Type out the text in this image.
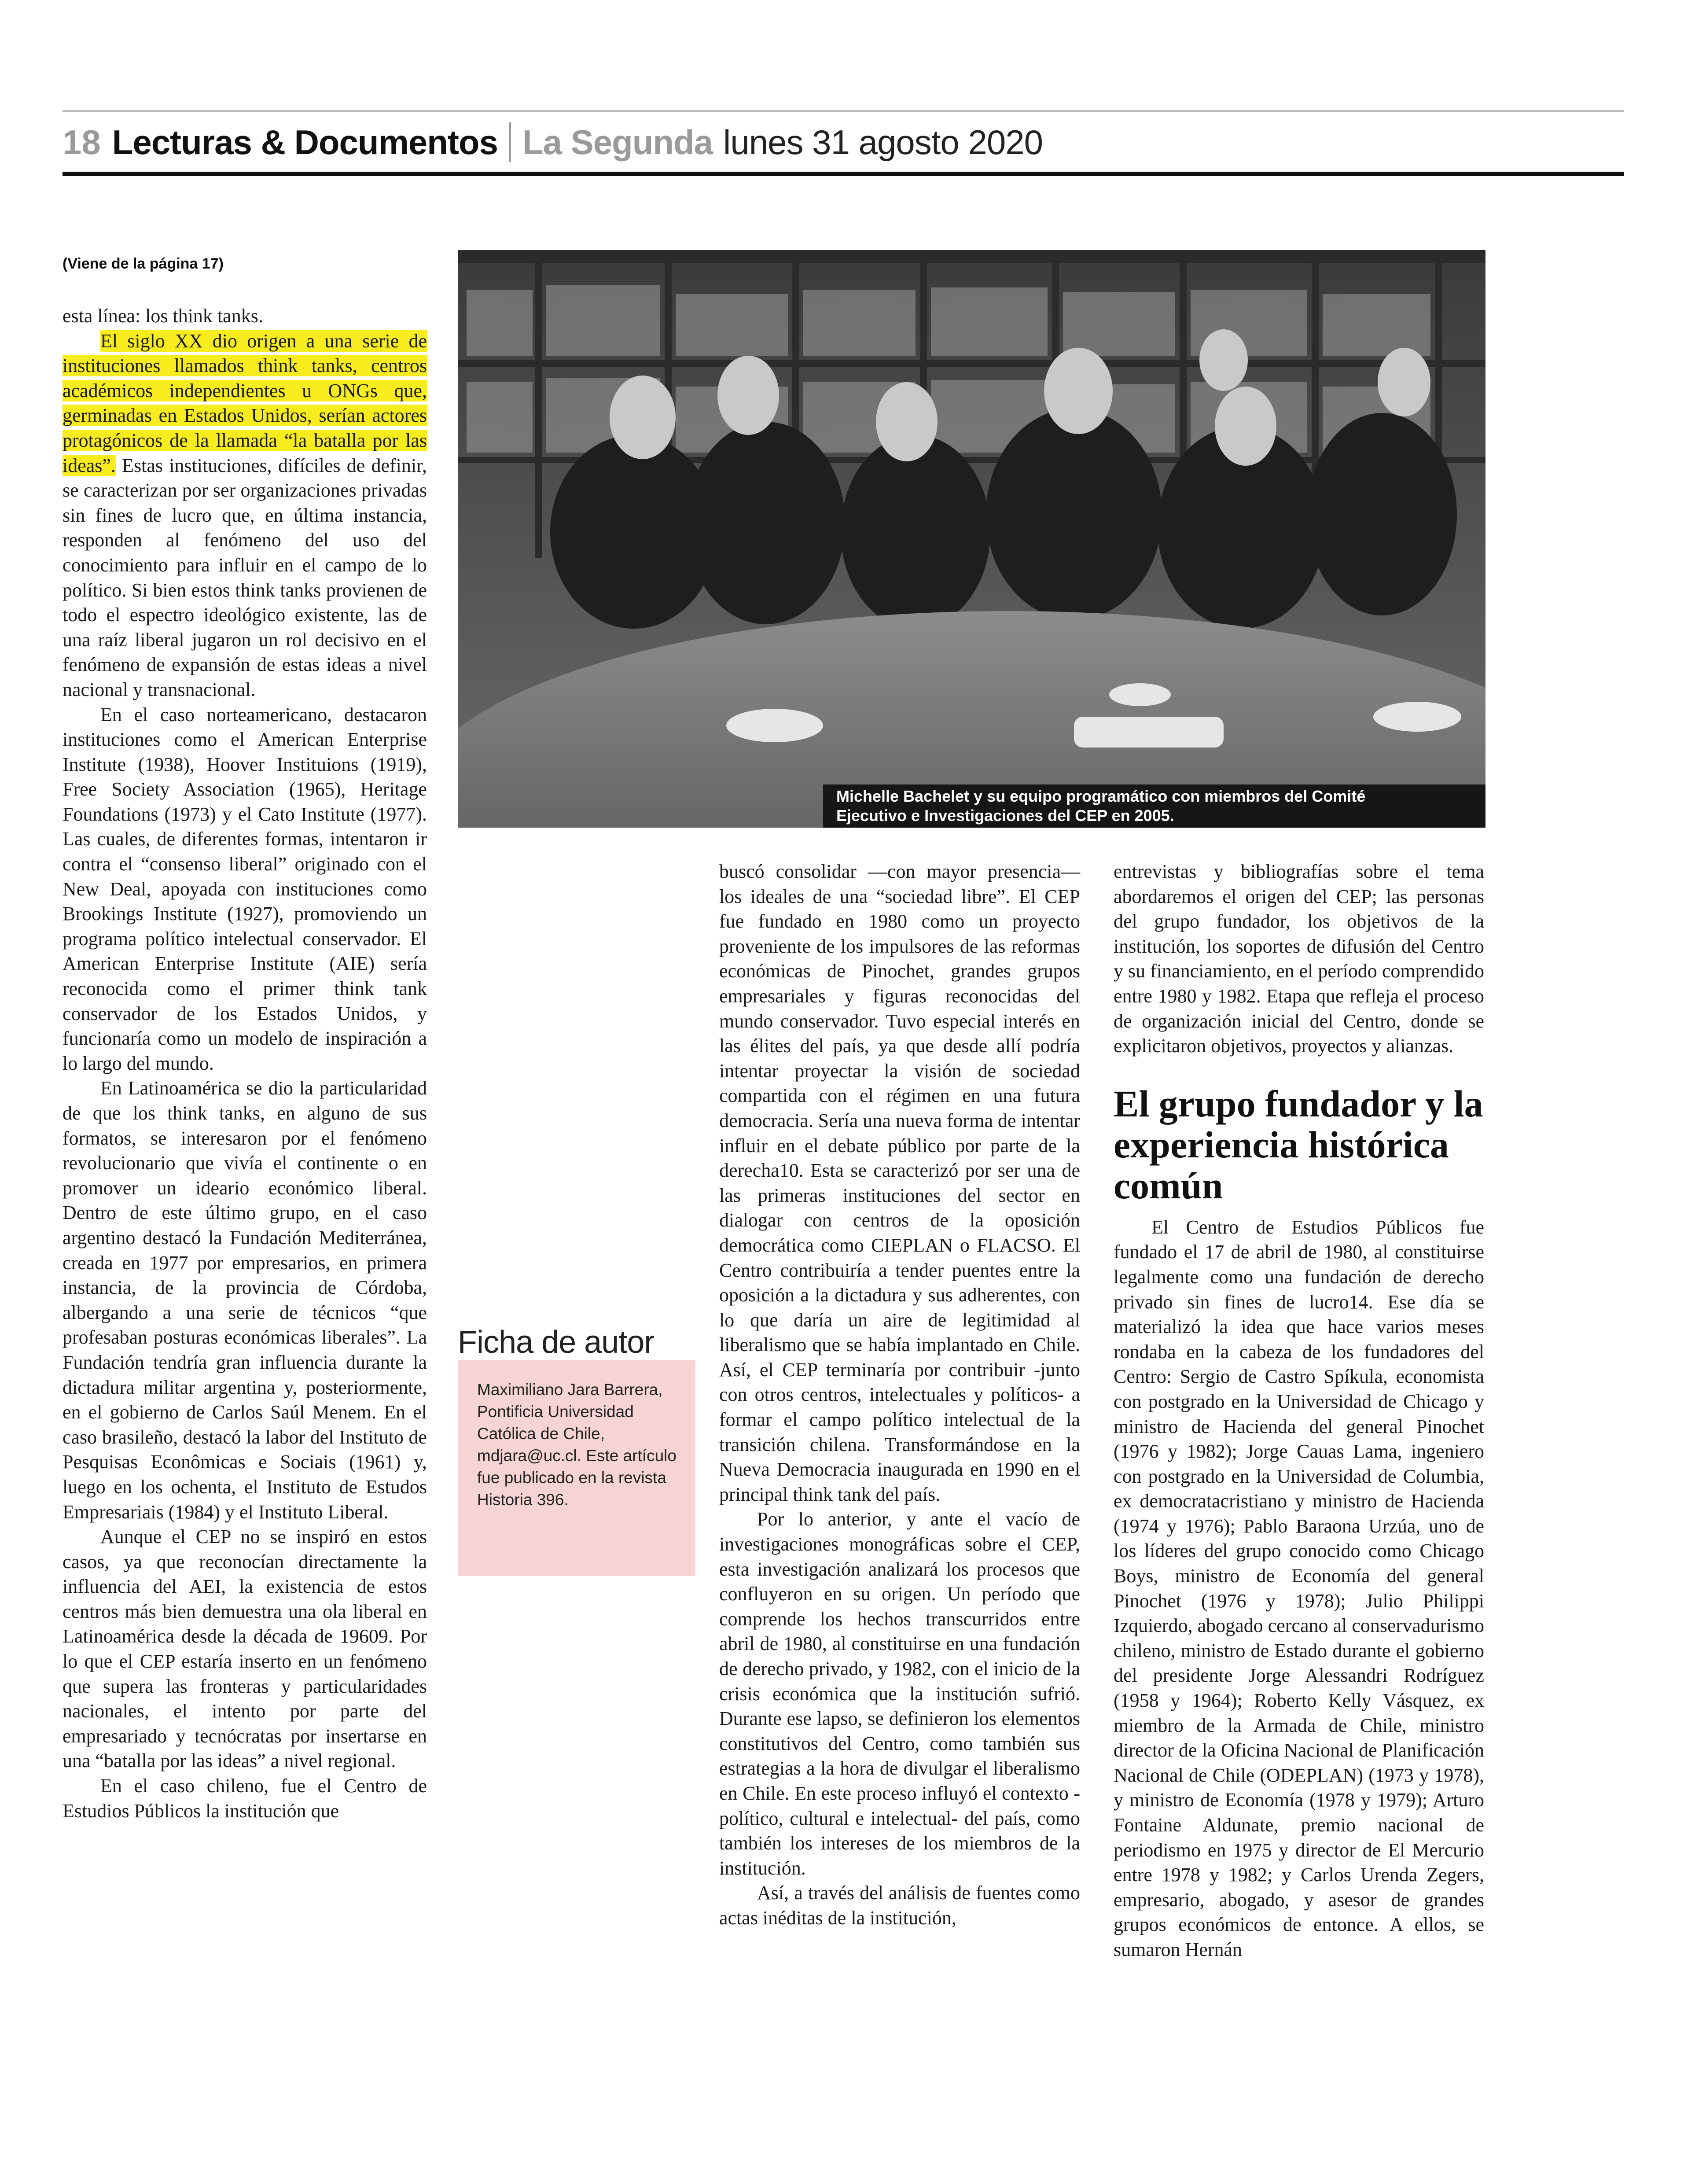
18 Lecturas & Documentos La Segunda lunes 31 agosto 2020
(Viene de la página 17)

esta línea: los think tanks.

El siglo XX dio origen a una serie de instituciones llamados think tanks, centros académicos independientes u ONGs que, germinadas en Estados Unidos, serían actores protagónicos de la llamada “la batalla por las ideas”. Estas instituciones, difíciles de definir, se caracterizan por ser organizaciones privadas sin fines de lucro que, en última instancia, responden al fenómeno del uso del conocimiento para influir en el campo de lo político. Si bien estos think tanks provienen de todo el espectro ideológico existente, las de una raíz liberal jugaron un rol decisivo en el fenómeno de expansión de estas ideas a nivel nacional y transnacional.

En el caso norteamericano, destacaron instituciones como el American Enterprise Institute (1938), Hoover Instituions (1919), Free Society Association (1965), Heritage Foundations (1973) y el Cato Institute (1977). Las cuales, de diferentes formas, intentaron ir contra el “consenso liberal” originado con el New Deal, apoyada con instituciones como Brookings Institute (1927), promoviendo un programa político intelectual conservador. El American Enterprise Institute (AIE) sería reconocida como el primer think tank conservador de los Estados Unidos, y funcionaría como un modelo de inspiración a lo largo del mundo.

En Latinoamérica se dio la particularidad de que los think tanks, en alguno de sus formatos, se interesaron por el fenómeno revolucionario que vivía el continente o en promover un ideario económico liberal. Dentro de este último grupo, en el caso argentino destacó la Fundación Mediterránea, creada en 1977 por empresarios, en primera instancia, de la provincia de Córdoba, albergando a una serie de técnicos “que profesaban posturas económicas liberales”. La Fundación tendría gran influencia durante la dictadura militar argentina y, posteriormente, en el gobierno de Carlos Saúl Menem. En el caso brasileño, destacó la labor del Instituto de Pesquisas Econômicas e Sociais (1961) y, luego en los ochenta, el Instituto de Estudos Empresariais (1984) y el Instituto Liberal.

Aunque el CEP no se inspiró en estos casos, ya que reconocían directamente la influencia del AEI, la existencia de estos centros más bien demuestra una ola liberal en Latinoamérica desde la década de 19609. Por lo que el CEP estaría inserto en un fenómeno que supera las fronteras y particularidades nacionales, el intento por parte del empresariado y tecnócratas por insertarse en una “batalla por las ideas” a nivel regional.

En el caso chileno, fue el Centro de Estudios Públicos la institución que

Michelle Bachelet y su equipo programático con miembros del Comité
Ejecutivo e Investigaciones del CEP en 2005.
Ficha de autor
Maximiliano Jara Barrera, Pontificia Universidad Católica de Chile, mdjara@uc.cl. Este artículo fue publicado en la revista Historia 396.

buscó consolidar —con mayor presencia— los ideales de una “sociedad libre”. El CEP fue fundado en 1980 como un proyecto proveniente de los impulsores de las reformas económicas de Pinochet, grandes grupos empresariales y figuras reconocidas del mundo conservador. Tuvo especial interés en las élites del país, ya que desde allí podría intentar proyectar la visión de sociedad compartida con el régimen en una futura democracia. Sería una nueva forma de intentar influir en el debate público por parte de la derecha10. Esta se caracterizó por ser una de las primeras instituciones del sector en dialogar con centros de la oposición democrática como CIEPLAN o FLACSO. El Centro contribuiría a tender puentes entre la oposición a la dictadura y sus adherentes, con lo que daría un aire de legitimidad al liberalismo que se había implantado en Chile. Así, el CEP terminaría por contribuir -junto con otros centros, intelectuales y políticos- a formar el campo político intelectual de la transición chilena. Transformándose en la Nueva Democracia inaugurada en 1990 en el principal think tank del país.

Por lo anterior, y ante el vacío de investigaciones monográficas sobre el CEP, esta investigación analizará los procesos que confluyeron en su origen. Un período que comprende los hechos transcurridos entre abril de 1980, al constituirse en una fundación de derecho privado, y 1982, con el inicio de la crisis económica que la institución sufrió. Durante ese lapso, se definieron los elementos constitutivos del Centro, como también sus estrategias a la hora de divulgar el liberalismo en Chile. En este proceso influyó el contexto -político, cultural e intelectual- del país, como también los intereses de los miembros de la institución.

Así, a través del análisis de fuentes como actas inéditas de la institución,

entrevistas y bibliografías sobre el tema abordaremos el origen del CEP; las personas del grupo fundador, los objetivos de la institución, los soportes de difusión del Centro y su financiamiento, en el período comprendido entre 1980 y 1982. Etapa que refleja el proceso de organización inicial del Centro, donde se explicitaron objetivos, proyectos y alianzas.

El grupo fundador y la experiencia histórica común

El Centro de Estudios Públicos fue fundado el 17 de abril de 1980, al constituirse legalmente como una fundación de derecho privado sin fines de lucro14. Ese día se materializó la idea que hace varios meses rondaba en la cabeza de los fundadores del Centro: Sergio de Castro Spíkula, economista con postgrado en la Universidad de Chicago y ministro de Hacienda del general Pinochet (1976 y 1982); Jorge Cauas Lama, ingeniero con postgrado en la Universidad de Columbia, ex democratacristiano y ministro de Hacienda (1974 y 1976); Pablo Baraona Urzúa, uno de los líderes del grupo conocido como Chicago Boys, ministro de Economía del general Pinochet (1976 y 1978); Julio Philippi Izquierdo, abogado cercano al conservadurismo chileno, ministro de Estado durante el gobierno del presidente Jorge Alessandri Rodríguez (1958 y 1964); Roberto Kelly Vásquez, ex miembro de la Armada de Chile, ministro director de la Oficina Nacional de Planificación Nacional de Chile (ODEPLAN) (1973 y 1978), y ministro de Economía (1978 y 1979); Arturo Fontaine Aldunate, premio nacional de periodismo en 1975 y director de El Mercurio entre 1978 y 1982; y Carlos Urenda Zegers, empresario, abogado, y asesor de grandes grupos económicos de entonce. A ellos, se sumaron Hernán
